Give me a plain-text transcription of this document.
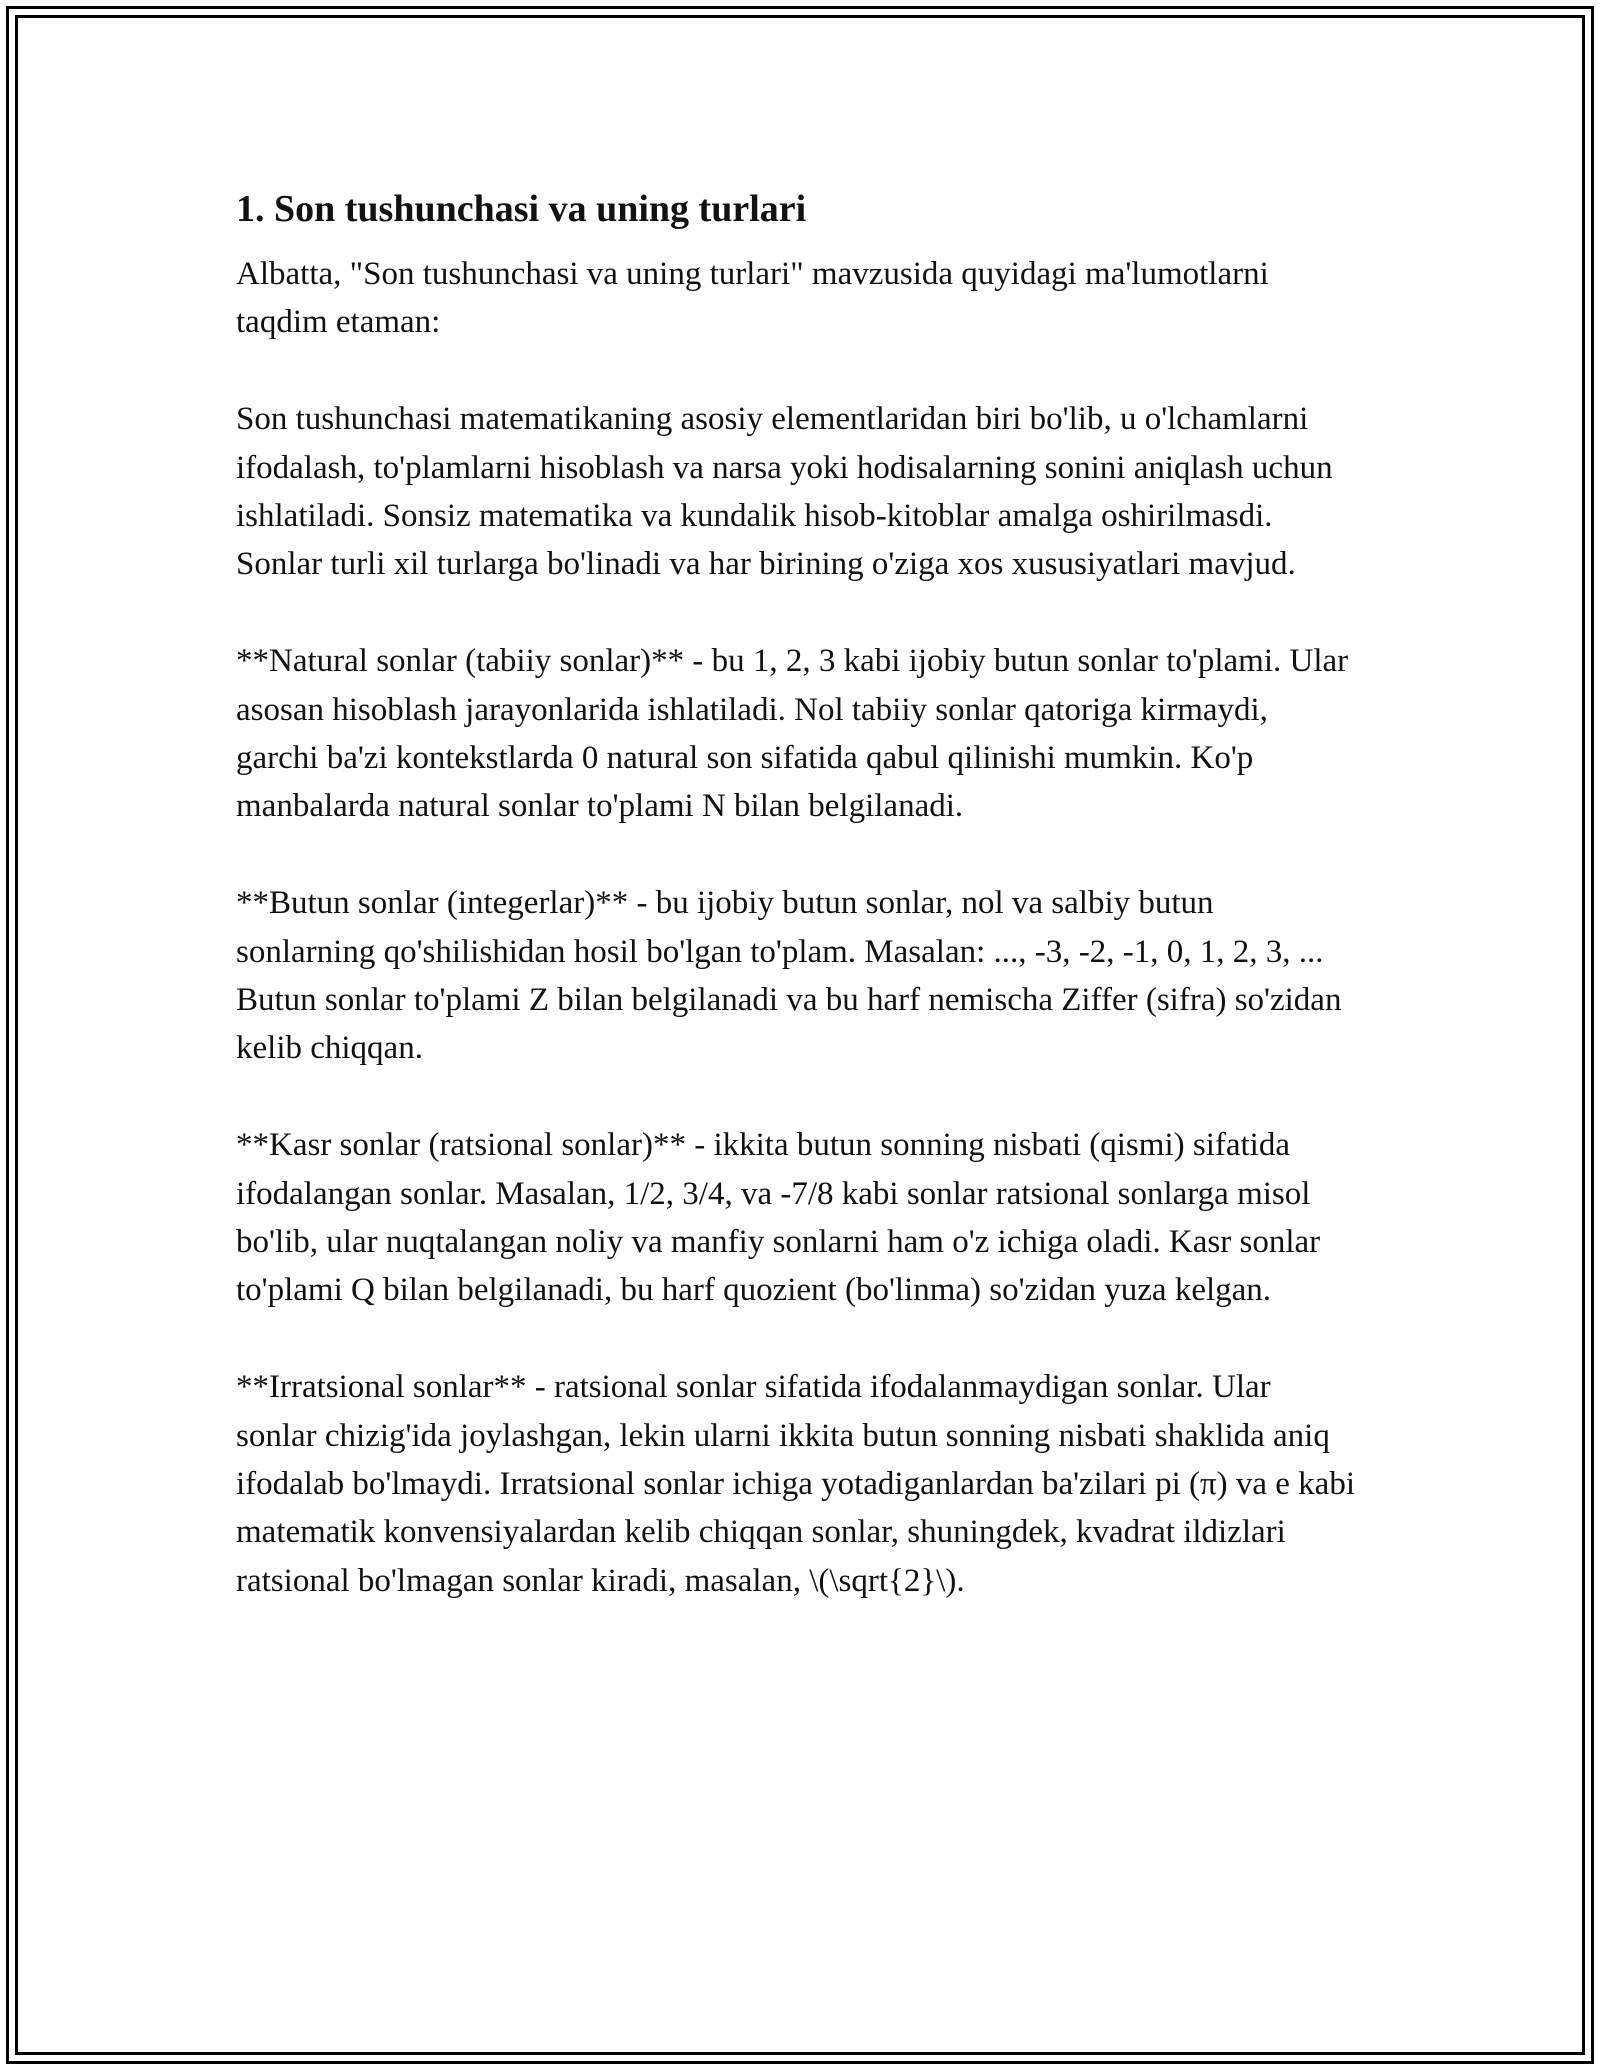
1. Son tushunchasi va uning turlari

Albatta, "Son tushunchasi va uning turlari" mavzusida quyidagi ma'lumotlarni taqdim etaman:

Son tushunchasi matematikaning asosiy elementlaridan biri bo'lib, u o'lchamlarni ifodalash, to'plamlarni hisoblash va narsa yoki hodisalarning sonini aniqlash uchun ishlatiladi. Sonsiz matematika va kundalik hisob-kitoblar amalga oshirilmasdi. Sonlar turli xil turlarga bo'linadi va har birining o'ziga xos xususiyatlari mavjud.

**Natural sonlar (tabiiy sonlar)** - bu 1, 2, 3 kabi ijobiy butun sonlar to'plami. Ular asosan hisoblash jarayonlarida ishlatiladi. Nol tabiiy sonlar qatoriga kirmaydi, garchi ba'zi kontekstlarda 0 natural son sifatida qabul qilinishi mumkin. Ko'p manbalarda natural sonlar to'plami N bilan belgilanadi.

**Butun sonlar (integerlar)** - bu ijobiy butun sonlar, nol va salbiy butun sonlarning qo'shilishidan hosil bo'lgan to'plam. Masalan: ..., -3, -2, -1, 0, 1, 2, 3, ... Butun sonlar to'plami Z bilan belgilanadi va bu harf nemischa Ziffer (sifra) so'zidan kelib chiqqan.

**Kasr sonlar (ratsional sonlar)** - ikkita butun sonning nisbati (qismi) sifatida ifodalangan sonlar. Masalan, 1/2, 3/4, va -7/8 kabi sonlar ratsional sonlarga misol bo'lib, ular nuqtalangan noliy va manfiy sonlarni ham o'z ichiga oladi. Kasr sonlar to'plami Q bilan belgilanadi, bu harf quozient (bo'linma) so'zidan yuza kelgan.

**Irratsional sonlar** - ratsional sonlar sifatida ifodalanmaydigan sonlar. Ular sonlar chizig'ida joylashgan, lekin ularni ikkita butun sonning nisbati shaklida aniq ifodalab bo'lmaydi. Irratsional sonlar ichiga yotadiganlardan ba'zilari pi (π) va e kabi matematik konvensiyalardan kelib chiqqan sonlar, shuningdek, kvadrat ildizlari ratsional bo'lmagan sonlar kiradi, masalan, \(\sqrt{2}\).
